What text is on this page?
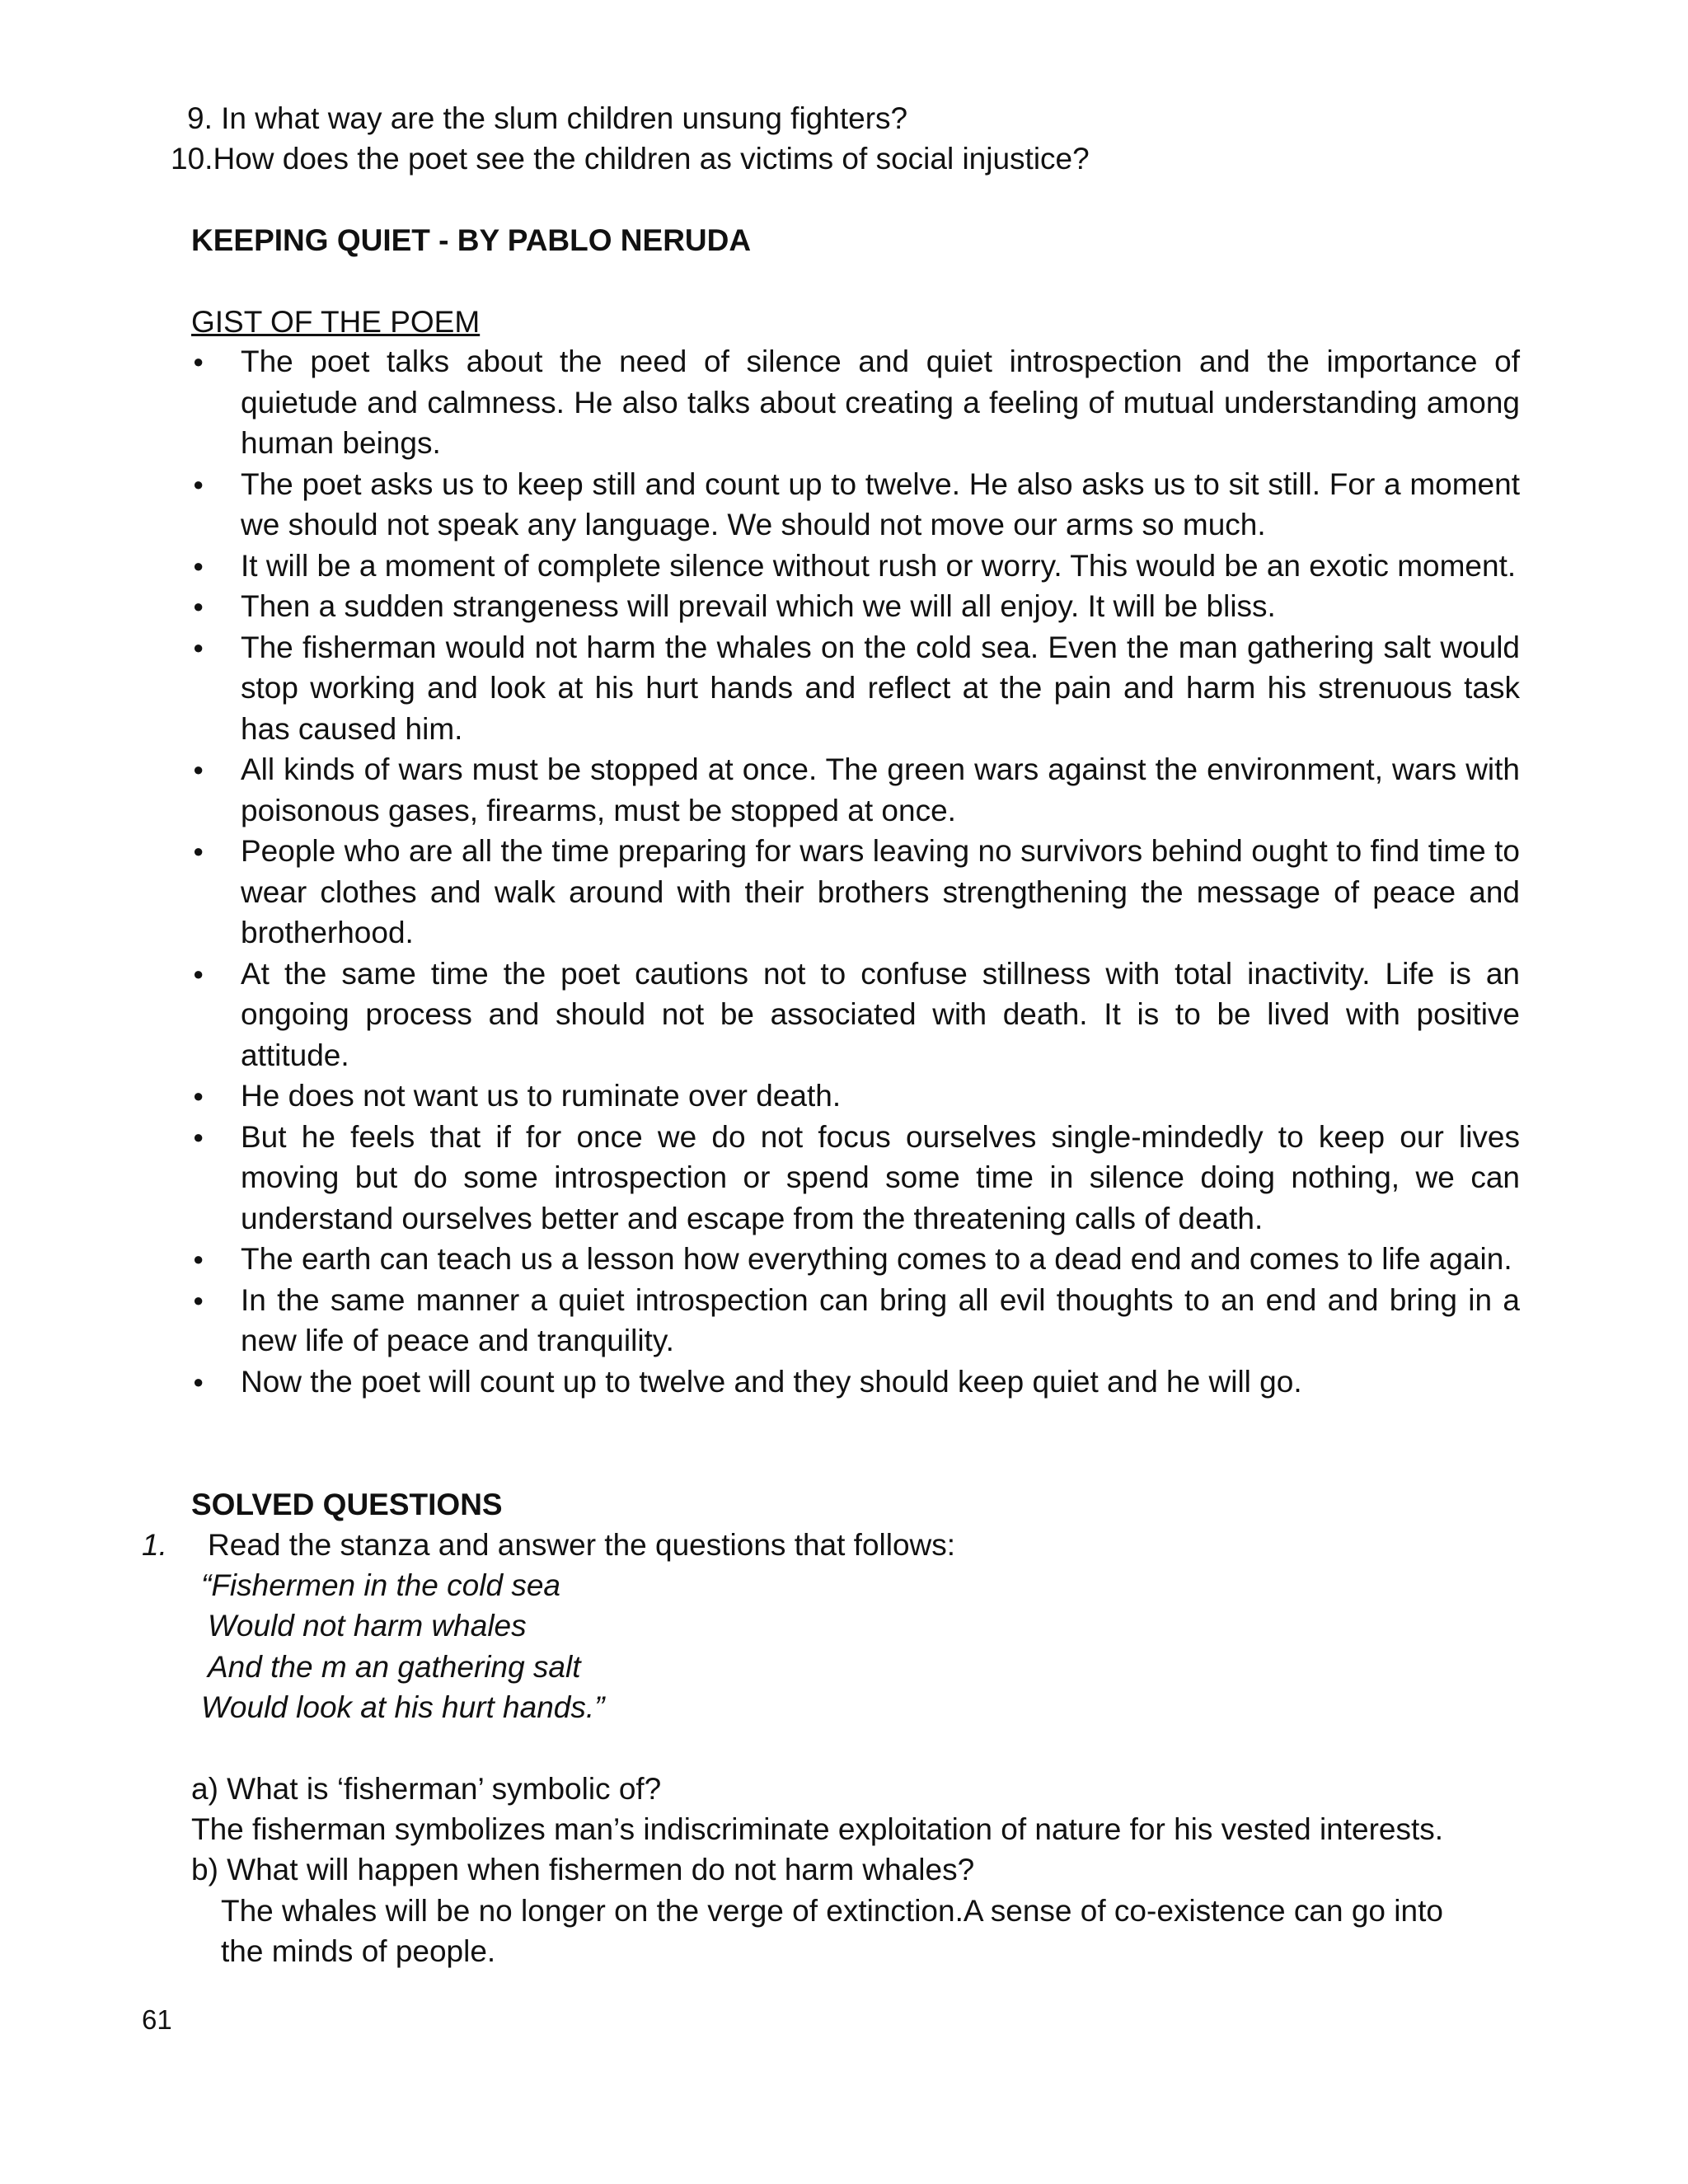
9. In what way are the slum children unsung fighters?
10.How does the poet see the children as victims of social injustice?
KEEPING QUIET - BY PABLO NERUDA
GIST OF THE POEM
● The poet talks about the need of silence and quiet introspection and the importance of quietude and calmness. He also talks about creating a feeling of mutual understanding among human beings.
● The poet asks us to keep still and count up to twelve. He also asks us to sit still. For a moment we should not speak any language. We should not move our arms so much.
● It will be a moment of complete silence without rush or worry. This would be an exotic moment.
● Then a sudden strangeness will prevail which we will all enjoy. It will be bliss.
● The fisherman would not harm the whales on the cold sea. Even the man gathering salt would stop working and look at his hurt hands and reflect at the pain and harm his strenuous task has caused him.
● All kinds of wars must be stopped at once. The green wars against the environment, wars with poisonous gases, firearms, must be stopped at once.
● People who are all the time preparing for wars leaving no survivors behind ought to find time to wear clothes and walk around with their brothers strengthening the message of peace and brotherhood.
● At the same time the poet cautions not to confuse stillness with total inactivity. Life is an ongoing process and should not be associated with death. It is to be lived with positive attitude.
● He does not want us to ruminate over death.
● But he feels that if for once we do not focus ourselves single-mindedly to keep our lives moving but do some introspection or spend some time in silence doing nothing, we can understand ourselves better and escape from the threatening calls of death.
● The earth can teach us a lesson how everything comes to a dead end and comes to life again.
● In the same manner a quiet introspection can bring all evil thoughts to an end and bring in a new life of peace and tranquility.
● Now the poet will count up to twelve and they should keep quiet and he will go.
SOLVED QUESTIONS
1. Read the stanza and answer the questions that follows:
“Fishermen in the cold sea
Would not harm whales
And the m an gathering salt
Would look at his hurt hands.”
a) What is ‘fisherman’ symbolic of?
The fisherman symbolizes man’s indiscriminate exploitation of nature for his vested interests.
b) What will happen when fishermen do not harm whales?
The whales will be no longer on the verge of extinction.A sense of co-existence can go into
the minds of people.
61
